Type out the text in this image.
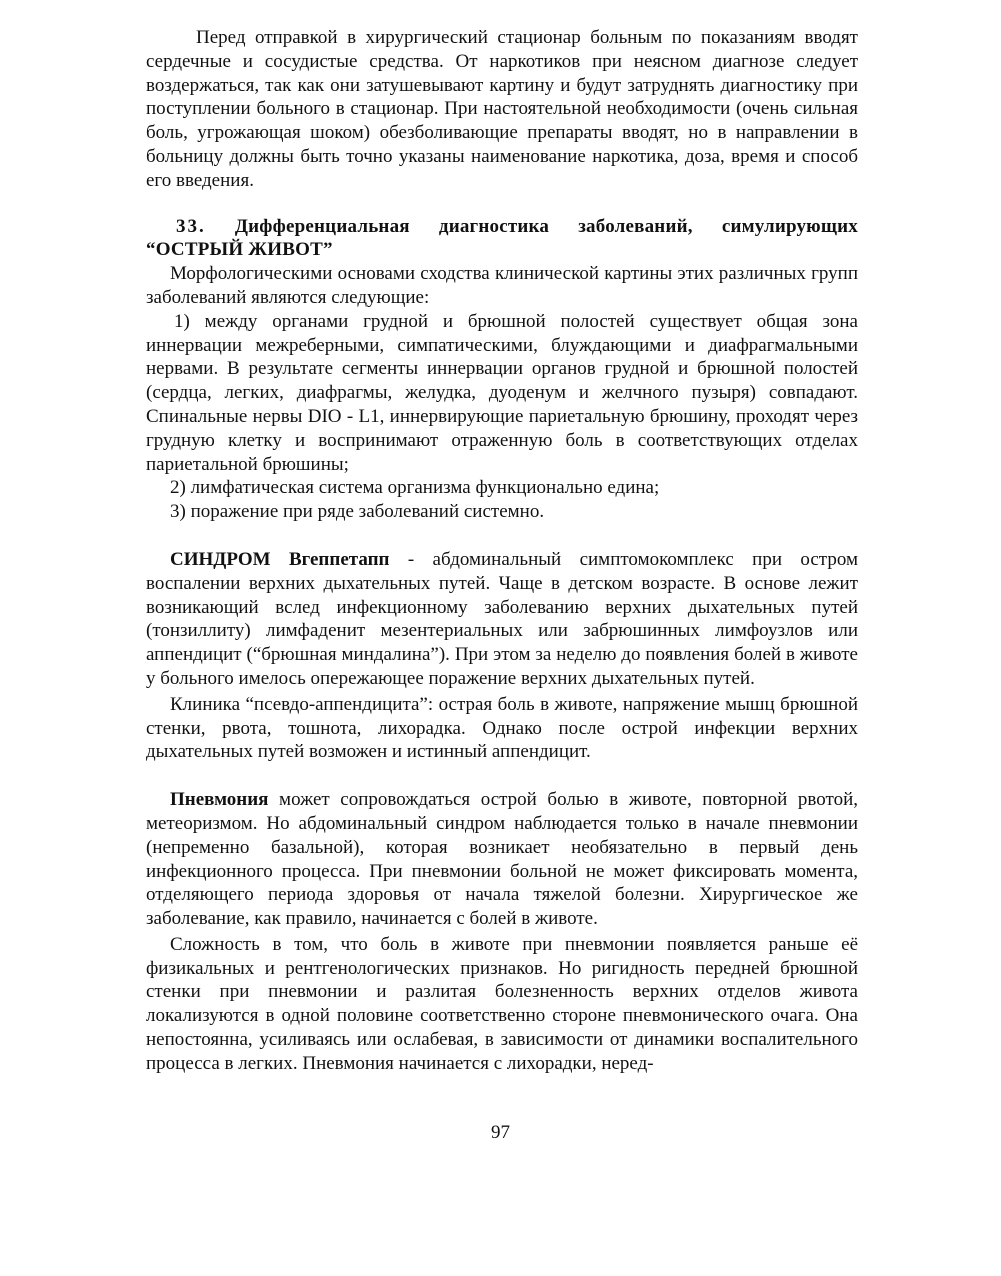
Перед отправкой в хирургический стационар больным по показаниям вводят сердечные и сосудистые средства. От наркотиков при неясном диагнозе следует воздержаться, так как они затушевывают картину и будут затруднять диагностику при поступлении больного в стационар. При настоятельной необходимости (очень сильная боль, угрожающая шоком) обезболивающие препараты вводят, но в направлении в больницу должны быть точно указаны наименование наркотика, доза, время и способ его введения.

33. Дифференциальная диагностика заболеваний, симулирующих “ОСТРЫЙ ЖИВОТ”

Морфологическими основами сходства клинической картины этих различных групп заболеваний являются следующие:

1) между органами грудной и брюшной полостей существует общая зона иннервации межреберными, симпатическими, блуждающими и диафрагмальными нервами. В результате сегменты иннервации органов грудной и брюшной полостей (сердца, легких, диафрагмы, желудка, дуоденум и желчного пузыря) совпадают. Спинальные нервы DIO - L1, иннервирующие париетальную брюшину, проходят через грудную клетку и воспринимают отраженную боль в соответствующих отделах париетальной брюшины;

2) лимфатическая система организма функционально едина;

3) поражение при ряде заболеваний системно.

СИНДРОМ Вгеппетапп - абдоминальный симптомокомплекс при остром воспалении верхних дыхательных путей. Чаще в детском возрасте. В основе лежит возникающий вслед инфекционному заболеванию верхних дыхательных путей (тонзиллиту) лимфаденит мезентериальных или забрюшинных лимфоузлов или аппендицит (“брюшная миндалина”). При этом за неделю до появления болей в животе у больного имелось опережающее поражение верхних дыхательных путей.

Клиника “псевдо-аппендицита”: острая боль в животе, напряжение мышц брюшной стенки, рвота, тошнота, лихорадка. Однако после острой инфекции верхних дыхательных путей возможен и истинный аппендицит.

Пневмония может сопровождаться острой болью в животе, повторной рвотой, метеоризмом. Но абдоминальный синдром наблюдается только в начале пневмонии (непременно базальной), которая возникает необязательно в первый день инфекционного процесса. При пневмонии больной не может фиксировать момента, отделяющего периода здоровья от начала тяжелой болезни. Хирургическое же заболевание, как правило, начинается с болей в животе.

Сложность в том, что боль в животе при пневмонии появляется раньше её физикальных и рентгенологических признаков. Но ригидность передней брюшной стенки при пневмонии и разлитая болезненность верхних отделов живота локализуются в одной половине соответственно стороне пневмонического очага. Она непостоянна, усиливаясь или ослабевая, в зависимости от динамики воспалительного процесса в легких. Пневмония начинается с лихорадки, неред-

97
